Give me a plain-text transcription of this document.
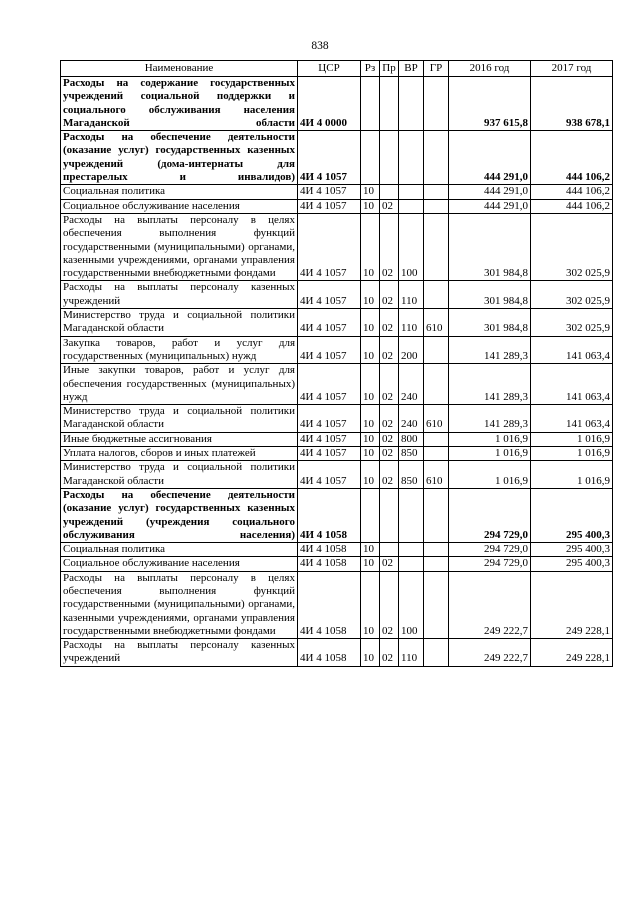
838
Наименование	ЦСР	Рз	Пр	ВР	ГР	2016 год	2017 год
Расходы на содержание государственных учреждений социальной поддержки и социального обслуживания населения Магаданской области	4И 4 0000					937 615,8	938 678,1
Расходы на обеспечение деятельности (оказание услуг) государственных казенных учреждений (дома-интернаты для престарелых и инвалидов)	4И 4 1057					444 291,0	444 106,2
Социальная политика	4И 4 1057	10				444 291,0	444 106,2
Социальное обслуживание населения	4И 4 1057	10	02			444 291,0	444 106,2
Расходы на выплаты персоналу в целях обеспечения выполнения функций государственными (муниципальными) органами, казенными учреждениями, органами управления государственными внебюджетными фондами	4И 4 1057	10	02	100		301 984,8	302 025,9
Расходы на выплаты персоналу казенных учреждений	4И 4 1057	10	02	110		301 984,8	302 025,9
Министерство труда и социальной политики Магаданской области	4И 4 1057	10	02	110	610	301 984,8	302 025,9
Закупка товаров, работ и услуг для государственных (муниципальных) нужд	4И 4 1057	10	02	200		141 289,3	141 063,4
Иные закупки товаров, работ и услуг для обеспечения государственных (муниципальных) нужд	4И 4 1057	10	02	240		141 289,3	141 063,4
Министерство труда и социальной политики Магаданской области	4И 4 1057	10	02	240	610	141 289,3	141 063,4
Иные бюджетные ассигнования	4И 4 1057	10	02	800		1 016,9	1 016,9
Уплата налогов, сборов и иных платежей	4И 4 1057	10	02	850		1 016,9	1 016,9
Министерство труда и социальной политики Магаданской области	4И 4 1057	10	02	850	610	1 016,9	1 016,9
Расходы на обеспечение деятельности (оказание услуг) государственных казенных учреждений (учреждения социального обслуживания населения)	4И 4 1058					294 729,0	295 400,3
Социальная политика	4И 4 1058	10				294 729,0	295 400,3
Социальное обслуживание населения	4И 4 1058	10	02			294 729,0	295 400,3
Расходы на выплаты персоналу в целях обеспечения выполнения функций государственными (муниципальными) органами, казенными учреждениями, органами управления государственными внебюджетными фондами	4И 4 1058	10	02	100		249 222,7	249 228,1
Расходы на выплаты персоналу казенных учреждений	4И 4 1058	10	02	110		249 222,7	249 228,1
